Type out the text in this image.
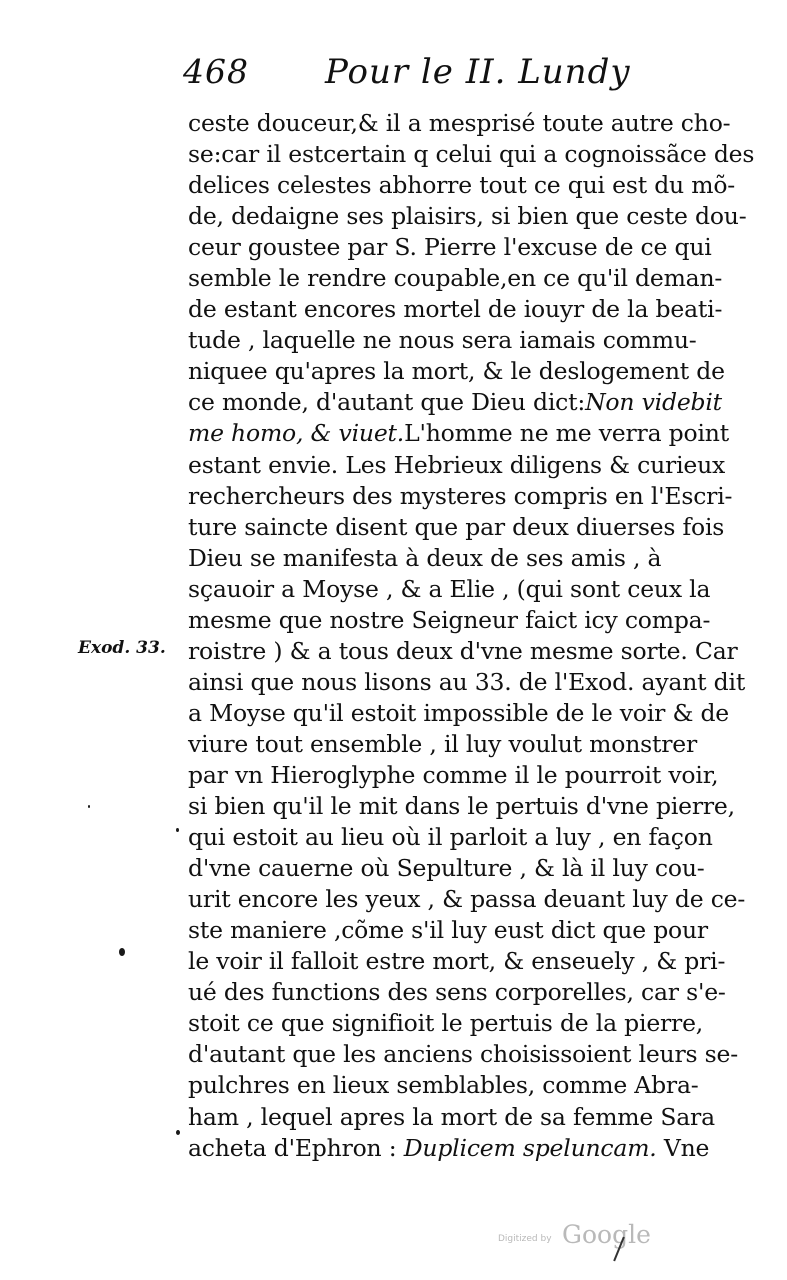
468 Pour le II. Lundy
Exod. 33.
ceste douceur,& il a mesprisé toute autre cho-
se:car il estcertain q celui qui a cognoissãce des
delices celestes abhorre tout ce qui est du mõ-
de, dedaigne ses plaisirs, si bien que ceste dou-
ceur goustee par S. Pierre l'excuse de ce qui
semble le rendre coupable,en ce qu'il deman-
de estant encores mortel de iouyr de la beati-
tude , laquelle ne nous sera iamais commu-
niquee qu'apres la mort, & le deslogement de
ce monde, d'autant que Dieu dict:Non videbit
me homo, & viuet.L'homme ne me verra point
estant envie. Les Hebrieux diligens & curieux
rechercheurs des mysteres compris en l'Escri-
ture saincte disent que par deux diuerses fois
Dieu se manifesta à deux de ses amis , à
sçauoir a Moyse , & a Elie , (qui sont ceux la
mesme que nostre Seigneur faict icy compa-
roistre ) & a tous deux d'vne mesme sorte. Car
ainsi que nous lisons au 33. de l'Exod. ayant dit
a Moyse qu'il estoit impossible de le voir & de
viure tout ensemble , il luy voulut monstrer
par vn Hieroglyphe comme il le pourroit voir,
si bien qu'il le mit dans le pertuis d'vne pierre,
qui estoit au lieu où il parloit a luy , en façon
d'vne cauerne où Sepulture , & là il luy cou-
urit encore les yeux , & passa deuant luy de ce-
ste maniere ,cõme s'il luy eust dict que pour
le voir il falloit estre mort, & enseuely , & pri-
ué des functions des sens corporelles, car s'e-
stoit ce que signifioit le pertuis de la pierre,
d'autant que les anciens choisissoient leurs se-
pulchres en lieux semblables, comme Abra-
ham , lequel apres la mort de sa femme Sara
acheta d'Ephron : Duplicem speluncam. Vne
Digitized by Google
